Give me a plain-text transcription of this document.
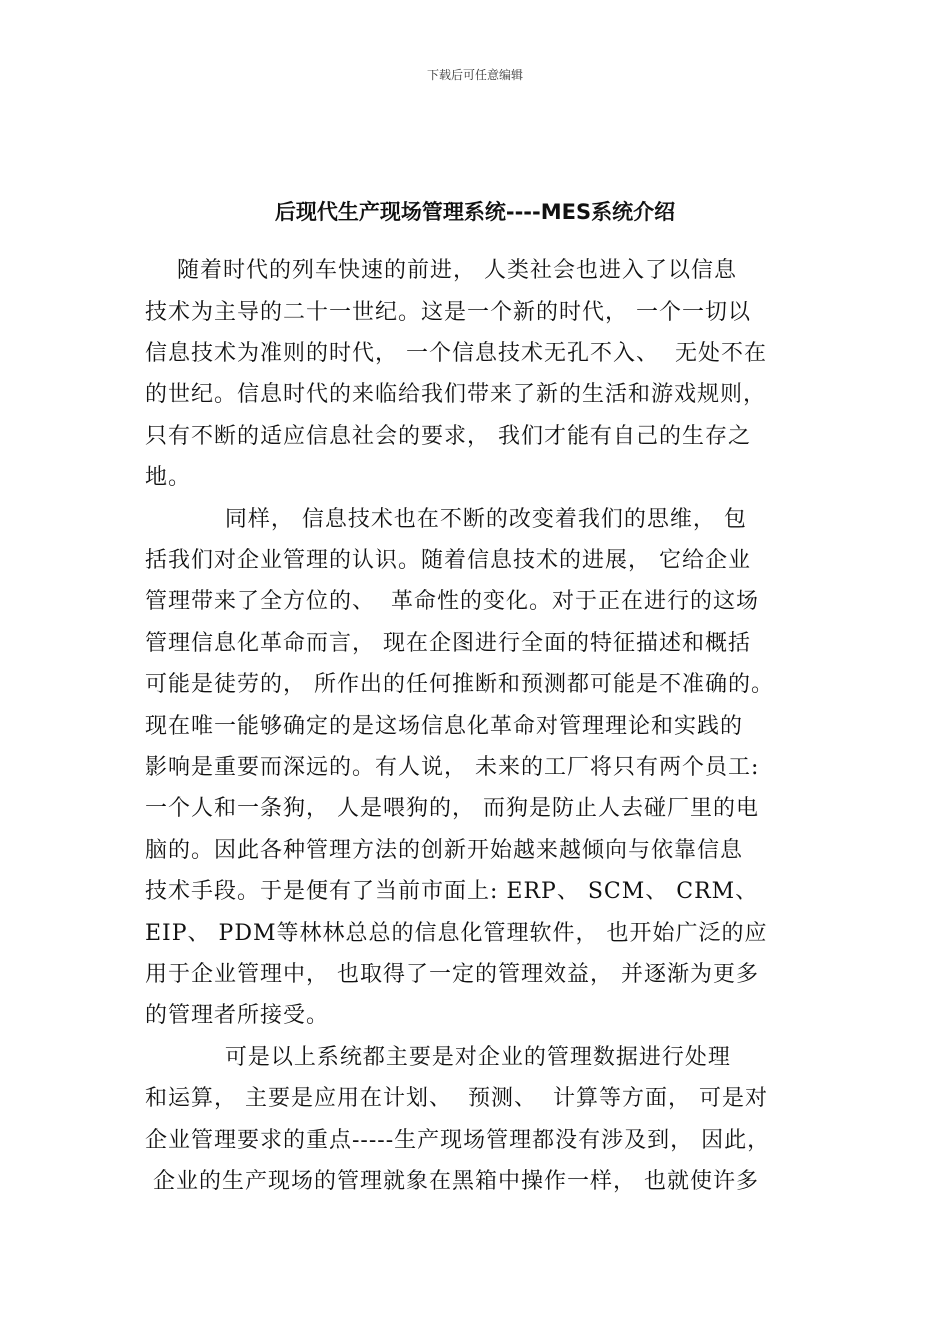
下载后可任意编辑
后现代生产现场管理系统----MES系统介绍
随着时代的列车快速的前进， 人类社会也进入了以信息
技术为主导的二十一世纪。这是一个新的时代， 一个一切以
信息技术为准则的时代， 一个信息技术无孔不入、  无处不在
的世纪。信息时代的来临给我们带来了新的生活和游戏规则，
只有不断的适应信息社会的要求， 我们才能有自己的生存之
地。
同样， 信息技术也在不断的改变着我们的思维， 包
括我们对企业管理的认识。随着信息技术的进展， 它给企业
管理带来了全方位的、  革命性的变化。对于正在进行的这场
管理信息化革命而言， 现在企图进行全面的特征描述和概括
可能是徒劳的， 所作出的任何推断和预测都可能是不准确的。
现在唯一能够确定的是这场信息化革命对管理理论和实践的
影响是重要而深远的。有人说， 未来的工厂将只有两个员工:
一个人和一条狗， 人是喂狗的， 而狗是防止人去碰厂里的电
脑的。因此各种管理方法的创新开始越来越倾向与依靠信息
技术手段。于是便有了当前市面上: ERP、 SCM、 CRM、
EIP、 PDM等林林总总的信息化管理软件， 也开始广泛的应
用于企业管理中， 也取得了一定的管理效益， 并逐渐为更多
的管理者所接受。
可是以上系统都主要是对企业的管理数据进行处理
和运算， 主要是应用在计划、  预测、  计算等方面， 可是对
企业管理要求的重点-----生产现场管理都没有涉及到， 因此，
企业的生产现场的管理就象在黑箱中操作一样， 也就使许多
